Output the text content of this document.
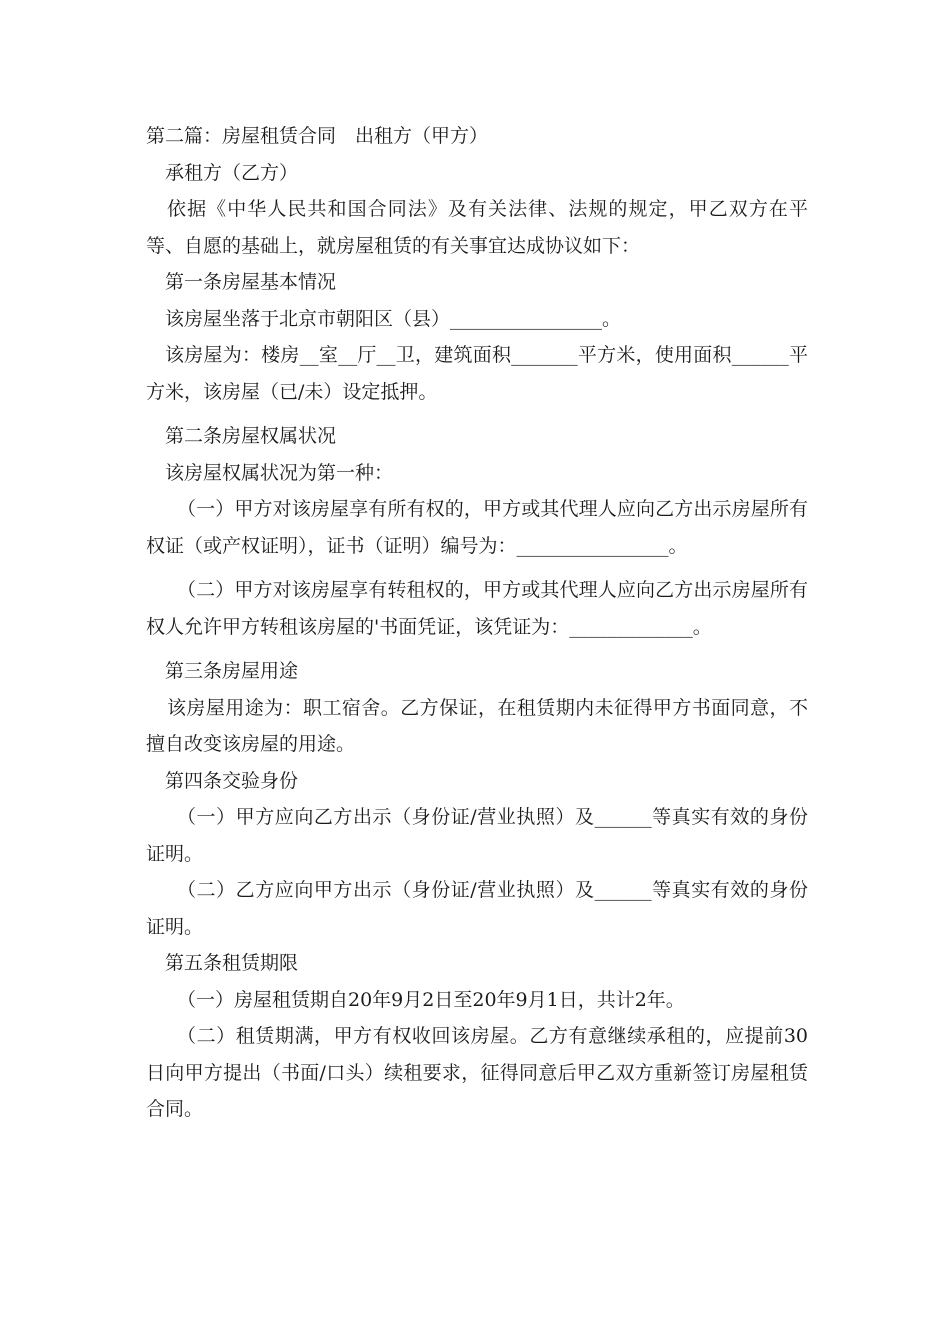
第二篇：房屋租赁合同　出租方（甲方）

承租方（乙方）

依据《中华人民共和国合同法》及有关法律、法规的规定，甲乙双方在平等、自愿的基础上，就房屋租赁的有关事宜达成协议如下：

第一条房屋基本情况

该房屋坐落于北京市朝阳区（县）________________。

该房屋为：楼房__室__厅__卫，建筑面积_______平方米，使用面积______平方米，该房屋（已/未）设定抵押。

第二条房屋权属状况

该房屋权属状况为第一种：

（一）甲方对该房屋享有所有权的，甲方或其代理人应向乙方出示房屋所有权证（或产权证明），证书（证明）编号为：________________。

（二）甲方对该房屋享有转租权的，甲方或其代理人应向乙方出示房屋所有权人允许甲方转租该房屋的'书面凭证，该凭证为：_____________。

第三条房屋用途

该房屋用途为：职工宿舍。乙方保证，在租赁期内未征得甲方书面同意，不擅自改变该房屋的用途。

第四条交验身份

（一）甲方应向乙方出示（身份证/营业执照）及______等真实有效的身份证明。

（二）乙方应向甲方出示（身份证/营业执照）及______等真实有效的身份证明。

第五条租赁期限

（一）房屋租赁期自20年9月2日至20年9月1日，共计2年。

（二）租赁期满，甲方有权收回该房屋。乙方有意继续承租的，应提前30日向甲方提出（书面/口头）续租要求，征得同意后甲乙双方重新签订房屋租赁合同。
